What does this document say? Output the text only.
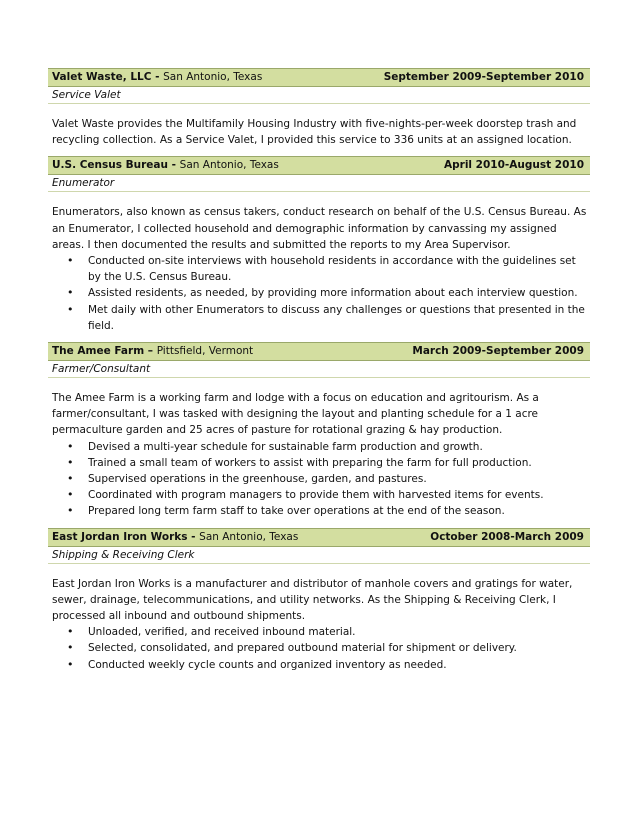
Valet Waste, LLC - San Antonio, Texas	September 2009-September 2010
Service Valet

Valet Waste provides the Multifamily Housing Industry with five-nights-per-week doorstep trash and recycling collection. As a Service Valet, I provided this service to 336 units at an assigned location.

U.S. Census Bureau - San Antonio, Texas	April 2010-August 2010
Enumerator

Enumerators, also known as census takers, conduct research on behalf of the U.S. Census Bureau. As an Enumerator, I collected household and demographic information by canvassing my assigned areas. I then documented the results and submitted the reports to my Area Supervisor.

• Conducted on-site interviews with household residents in accordance with the guidelines set by the U.S. Census Bureau.
• Assisted residents, as needed, by providing more information about each interview question.
• Met daily with other Enumerators to discuss any challenges or questions that presented in the field.
The Amee Farm – Pittsfield, Vermont	March 2009-September 2009
Farmer/Consultant

The Amee Farm is a working farm and lodge with a focus on education and agritourism. As a farmer/consultant, I was tasked with designing the layout and planting schedule for a 1 acre permaculture garden and 25 acres of pasture for rotational grazing & hay production.

• Devised a multi-year schedule for sustainable farm production and growth.
• Trained a small team of workers to assist with preparing the farm for full production.
• Supervised operations in the greenhouse, garden, and pastures.
• Coordinated with program managers to provide them with harvested items for events.
• Prepared long term farm staff to take over operations at the end of the season.
East Jordan Iron Works - San Antonio, Texas	October 2008-March 2009
Shipping & Receiving Clerk

East Jordan Iron Works is a manufacturer and distributor of manhole covers and gratings for water, sewer, drainage, telecommunications, and utility networks. As the Shipping & Receiving Clerk, I processed all inbound and outbound shipments.

• Unloaded, verified, and received inbound material.
• Selected, consolidated, and prepared outbound material for shipment or delivery.
• Conducted weekly cycle counts and organized inventory as needed.
